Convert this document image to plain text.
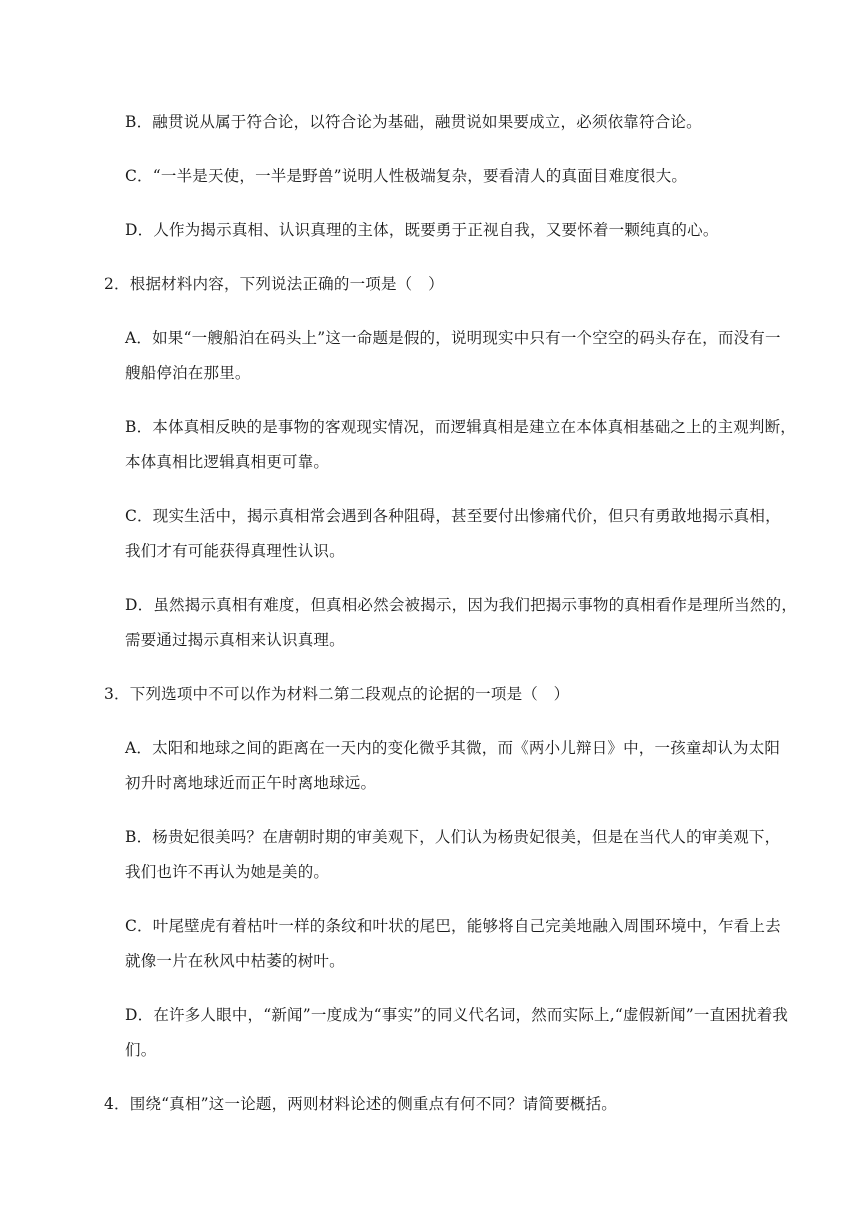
B．融贯说从属于符合论，以符合论为基础，融贯说如果要成立，必须依靠符合论。
C．“一半是天使，一半是野兽”说明人性极端复杂，要看清人的真面目难度很大。
D．人作为揭示真相、认识真理的主体，既要勇于正视自我，又要怀着一颗纯真的心。
2．根据材料内容，下列说法正确的一项是（　）
A．如果“一艘船泊在码头上”这一命题是假的，说明现实中只有一个空空的码头存在，而没有一
艘船停泊在那里。
B．本体真相反映的是事物的客观现实情况，而逻辑真相是建立在本体真相基础之上的主观判断，
本体真相比逻辑真相更可靠。
C．现实生活中，揭示真相常会遇到各种阻碍，甚至要付出惨痛代价，但只有勇敢地揭示真相，
我们才有可能获得真理性认识。
D．虽然揭示真相有难度，但真相必然会被揭示，因为我们把揭示事物的真相看作是理所当然的，
需要通过揭示真相来认识真理。
3．下列选项中不可以作为材料二第二段观点的论据的一项是（　）
A．太阳和地球之间的距离在一天内的变化微乎其微，而《两小儿辩日》中，一孩童却认为太阳
初升时离地球近而正午时离地球远。
B．杨贵妃很美吗？在唐朝时期的审美观下，人们认为杨贵妃很美，但是在当代人的审美观下，
我们也许不再认为她是美的。
C．叶尾壁虎有着枯叶一样的条纹和叶状的尾巴，能够将自己完美地融入周围环境中，乍看上去
就像一片在秋风中枯萎的树叶。
D．在许多人眼中，“新闻”一度成为“事实”的同义代名词，然而实际上,“虚假新闻”一直困扰着我
们。
4．围绕“真相”这一论题，两则材料论述的侧重点有何不同？请简要概括。
